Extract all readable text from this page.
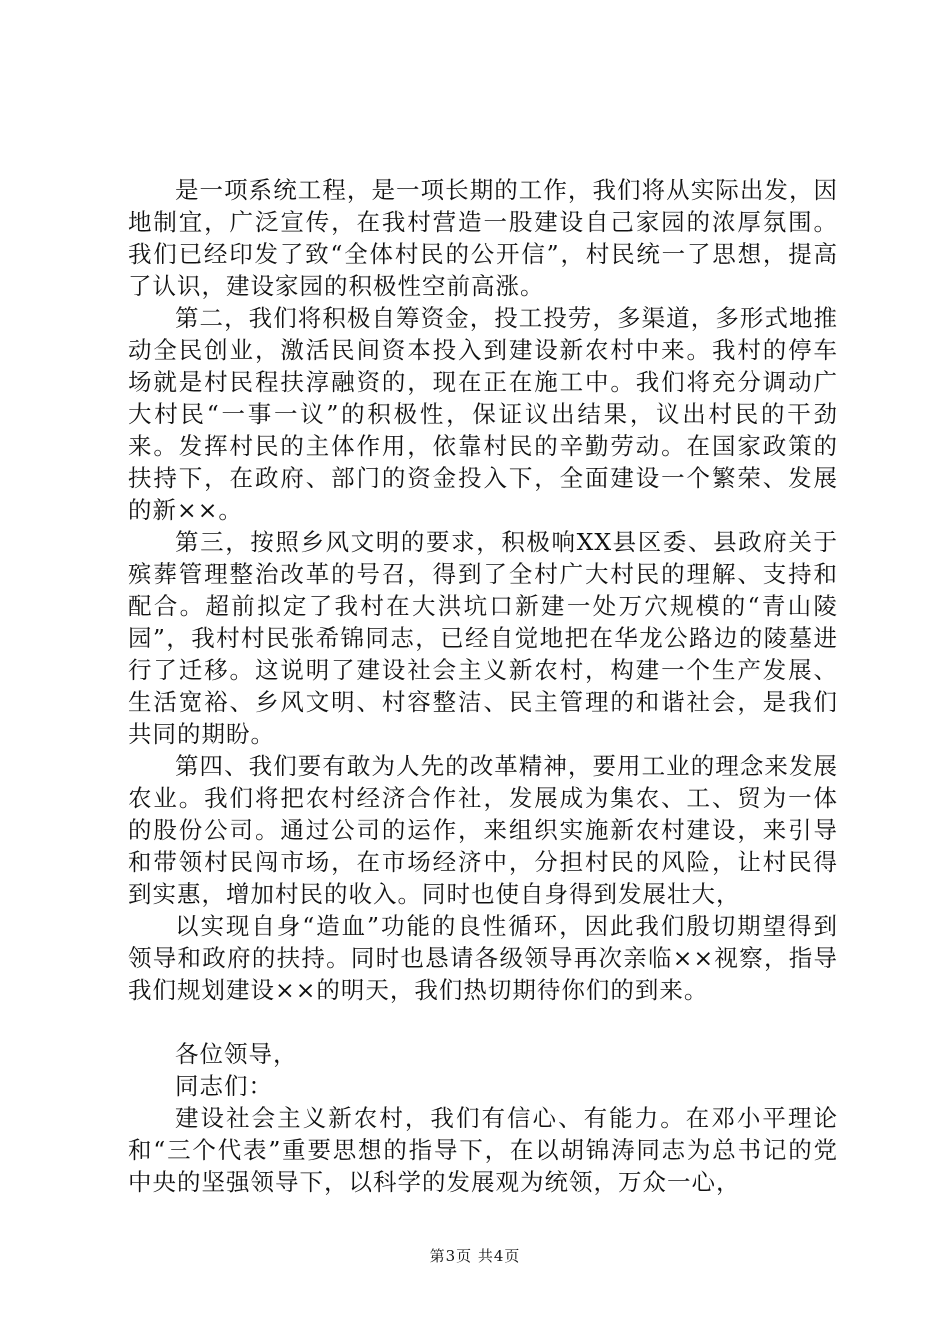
是一项系统工程，是一项长期的工作，我们将从实际出发，因地制宜，广泛宣传，在我村营造一股建设自己家园的浓厚氛围。我们已经印发了致“全体村民的公开信”，村民统一了思想，提高了认识，建设家园的积极性空前高涨。

第二，我们将积极自筹资金，投工投劳，多渠道，多形式地推动全民创业，激活民间资本投入到建设新农村中来。我村的停车场就是村民程扶淳融资的，现在正在施工中。我们将充分调动广大村民“一事一议”的积极性，保证议出结果，议出村民的干劲来。发挥村民的主体作用，依靠村民的辛勤劳动。在国家政策的扶持下，在政府、部门的资金投入下，全面建设一个繁荣、发展的新××。

第三，按照乡风文明的要求，积极响XX县区委、县政府关于殡葬管理整治改革的号召，得到了全村广大村民的理解、支持和配合。超前拟定了我村在大洪坑口新建一处万穴规模的“青山陵园”，我村村民张希锦同志，已经自觉地把在华龙公路边的陵墓进行了迁移。这说明了建设社会主义新农村，构建一个生产发展、生活宽裕、乡风文明、村容整洁、民主管理的和谐社会，是我们共同的期盼。

第四、我们要有敢为人先的改革精神，要用工业的理念来发展农业。我们将把农村经济合作社，发展成为集农、工、贸为一体的股份公司。通过公司的运作，来组织实施新农村建设，来引导和带领村民闯市场，在市场经济中，分担村民的风险，让村民得到实惠，增加村民的收入。同时也使自身得到发展壮大，

以实现自身“造血”功能的良性循环，因此我们殷切期望得到领导和政府的扶持。同时也恳请各级领导再次亲临××视察，指导我们规划建设××的明天，我们热切期待你们的到来。

各位领导，

同志们：

建设社会主义新农村，我们有信心、有能力。在邓小平理论和“三个代表”重要思想的指导下，在以胡锦涛同志为总书记的党中央的坚强领导下，以科学的发展观为统领，万众一心，

第3页 共4页
